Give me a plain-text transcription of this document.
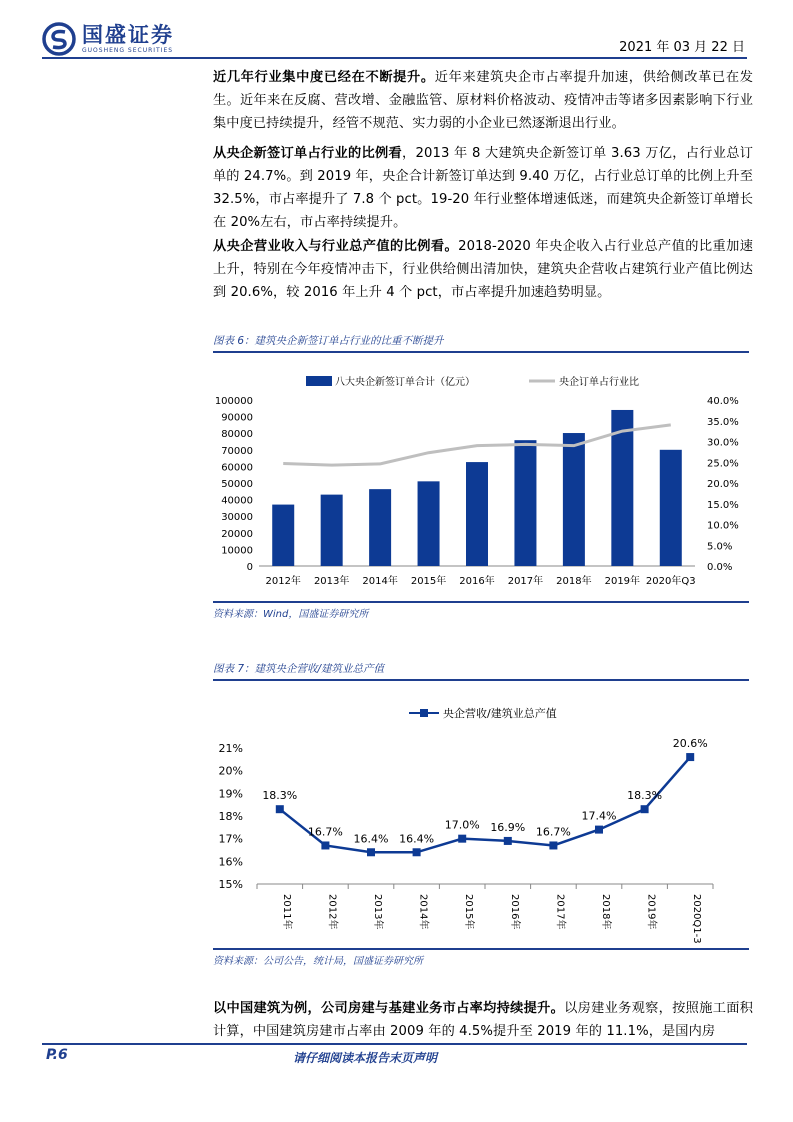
国盛证券
GUOSHENG SECURITIES	2021 年 03 月 22 日
近几年行业集中度已经在不断提升。近年来建筑央企市占率提升加速，供给侧改革已在发生。近年来在反腐、营改增、金融监管、原材料价格波动、疫情冲击等诸多因素影响下行业集中度已持续提升，经管不规范、实力弱的小企业已然逐渐退出行业。
从央企新签订单占行业的比例看，2013 年 8 大建筑央企新签订单 3.63 万亿，占行业总订单的 24.7%。到 2019 年，央企合计新签订单达到 9.40 万亿，占行业总订单的比例上升至 32.5%，市占率提升了 7.8 个 pct。19-20 年行业整体增速低迷，而建筑央企新签订单增长在 20%左右，市占率持续提升。
从央企营业收入与行业总产值的比例看。2018-2020 年央企收入占行业总产值的比重加速上升，特别在今年疫情冲击下，行业供给侧出清加快，建筑央企营收占建筑行业产值比例达到 20.6%，较 2016 年上升 4 个 pct，市占率提升加速趋势明显。
图表 6：建筑央企新签订单占行业的比重不断提升
八大央企新签订单合计（亿元）	央企订单占行业比
0
10000
20000
30000
40000
50000
60000
70000
80000
90000
100000
0.0%
5.0%
10.0%
15.0%
20.0%
25.0%
30.0%
35.0%
40.0%
2012年 2013年 2014年 2015年 2016年 2017年 2018年 2019年 2020年Q3
资料来源：Wind，国盛证券研究所
图表 7：建筑央企营收/建筑业总产值
央企营收/建筑业总产值
15%
16%
17%
18%
19%
20%
21%
2011年	2012年	2013年	2014年	2015年	2016年	2017年	2018年	2019年	2020Q1-3
18.3%
16.7%
16.4% 16.4%
17.0% 16.9% 16.7%
17.4%
18.3%
20.6%
资料来源：公司公告，统计局，国盛证券研究所
以中国建筑为例，公司房建与基建业务市占率均持续提升。以房建业务观察，按照施工面积计算，中国建筑房建市占率由 2009 年的 4.5%提升至 2019 年的 11.1%，是国内房
P.6	请仔细阅读本报告末页声明
